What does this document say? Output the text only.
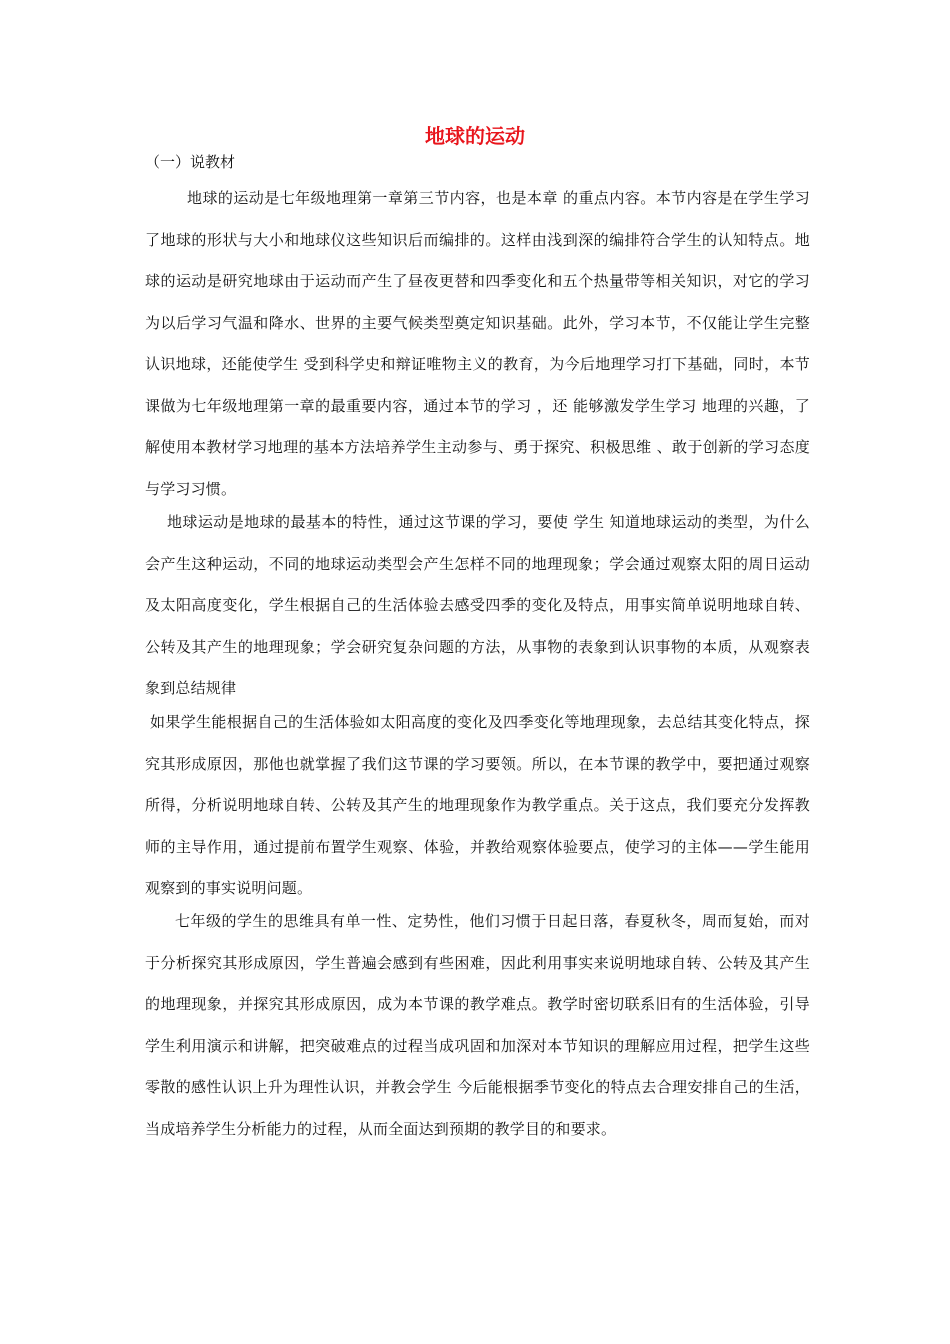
地球的运动

（一）说教材

地球的运动是七年级地理第一章第三节内容，也是本章 的重点内容。本节内容是在学生学习了地球的形状与大小和地球仪这些知识后而编排的。这样由浅到深的编排符合学生的认知特点。地球的运动是研究地球由于运动而产生了昼夜更替和四季变化和五个热量带等相关知识，对它的学习为以后学习气温和降水、世界的主要气候类型奠定知识基础。此外，学习本节，不仅能让学生完整认识地球，还能使学生 受到科学史和辩证唯物主义的教育，为今后地理学习打下基础，同时，本节课做为七年级地理第一章的最重要内容，通过本节的学习 ，还 能够激发学生学习 地理的兴趣，了解使用本教材学习地理的基本方法培养学生主动参与、勇于探究、积极思维 、敢于创新的学习态度与学习习惯。

地球运动是地球的最基本的特性，通过这节课的学习，要使 学生 知道地球运动的类型，为什么会产生这种运动，不同的地球运动类型会产生怎样不同的地理现象；学会通过观察太阳的周日运动及太阳高度变化，学生根据自己的生活体验去感受四季的变化及特点，用事实简单说明地球自转、公转及其产生的地理现象；学会研究复杂问题的方法，从事物的表象到认识事物的本质，从观察表象到总结规律

如果学生能根据自己的生活体验如太阳高度的变化及四季变化等地理现象，去总结其变化特点，探究其形成原因，那他也就掌握了我们这节课的学习要领。所以，在本节课的教学中，要把通过观察所得，分析说明地球自转、公转及其产生的地理现象作为教学重点。关于这点，我们要充分发挥教师的主导作用，通过提前布置学生观察、体验，并教给观察体验要点，使学习的主体——学生能用观察到的事实说明问题。

七年级的学生的思维具有单一性、定势性，他们习惯于日起日落，春夏秋冬，周而复始，而对于分析探究其形成原因，学生普遍会感到有些困难，因此利用事实来说明地球自转、公转及其产生的地理现象，并探究其形成原因，成为本节课的教学难点。教学时密切联系旧有的生活体验，引导学生利用演示和讲解，把突破难点的过程当成巩固和加深对本节知识的理解应用过程，把学生这些零散的感性认识上升为理性认识，并教会学生 今后能根据季节变化的特点去合理安排自己的生活，当成培养学生分析能力的过程，从而全面达到预期的教学目的和要求。
